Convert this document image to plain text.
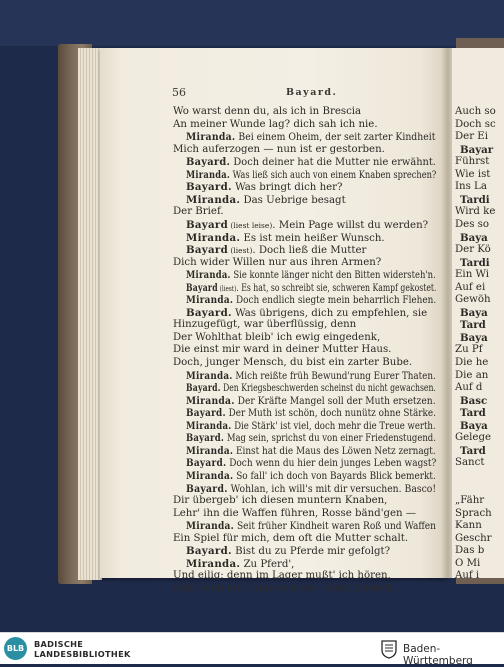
Auch so
Doch sc
Der Ei
Bayar
Führst
Wie ist
Ins La
Tardi
Wird ke
Des so
Baya
Der Kö
Tardi
Ein Wi
Auf ei
Gewöh
Baya
Tard
Baya
Zu Pf
Die he
Die an
Auf d
Basc
Tard
Baya
Gelege
Tard
Sanct
„Fähr
Sprach
Kann
Geschr
Das b
O Mi
Auf i
56	Bayard.
Wo warst denn du, als ich in Brescia
An meiner Wunde lag? dich sah ich nie.
Miranda. Bei einem Oheim, der seit zarter Kindheit
Mich auferzogen — nun ist er gestorben.
Bayard. Doch deiner hat die Mutter nie erwähnt.
Miranda. Was ließ sich auch von einem Knaben sprechen?
Bayard. Was bringt dich her?
Miranda. Das Uebrige besagt
Der Brief.
Bayard (liest leise). Mein Page willst du werden?
Miranda. Es ist mein heißer Wunsch.
Bayard (liest). Doch ließ die Mutter
Dich wider Willen nur aus ihren Armen?
Miranda. Sie konnte länger nicht den Bitten widersteh'n.
Bayard (liest). Es hat, so schreibt sie, schweren Kampf gekostet.
Miranda. Doch endlich siegte mein beharrlich Flehen.
Bayard. Was übrigens, dich zu empfehlen, sie
Hinzugefügt, war überflüssig, denn
Der Wohlthat bleib' ich ewig eingedenk,
Die einst mir ward in deiner Mutter Haus.
Doch, junger Mensch, du bist ein zarter Bube.
Miranda. Mich reißte früh Bewund'rung Eurer Thaten.
Bayard. Den Kriegsbeschwerden scheinst du nicht gewachsen.
Miranda. Der Kräfte Mangel soll der Muth ersetzen.
Bayard. Der Muth ist schön, doch nunütz ohne Stärke.
Miranda. Die Stärk' ist viel, doch mehr die Treue werth.
Bayard. Mag sein, sprichst du von einer Friedenstugend.
Miranda. Einst hat die Maus des Löwen Netz zernagt.
Bayard. Doch wenn du hier dein junges Leben wagst?
Miranda. So fall' ich doch von Bayards Blick bemerkt.
Bayard. Wohlan, ich will's mit dir versuchen. Basco!
Dir übergeb' ich diesen muntern Knaben,
Lehr' ihn die Waffen führen, Rosse bänd'gen —
Miranda. Seit früher Kindheit waren Roß und Waffen
Ein Spiel für mich, dem oft die Mutter schalt.
Bayard. Bist du zu Pferde mir gefolgt?
Miranda. Zu Pferd',
Und eilig; denn im Lager mußt' ich hören,
Daß Euch mit Ungeduld der König fordert.
BLB	BADISCHE
LANDESBIBLIOTHEK	Baden-Württemberg
